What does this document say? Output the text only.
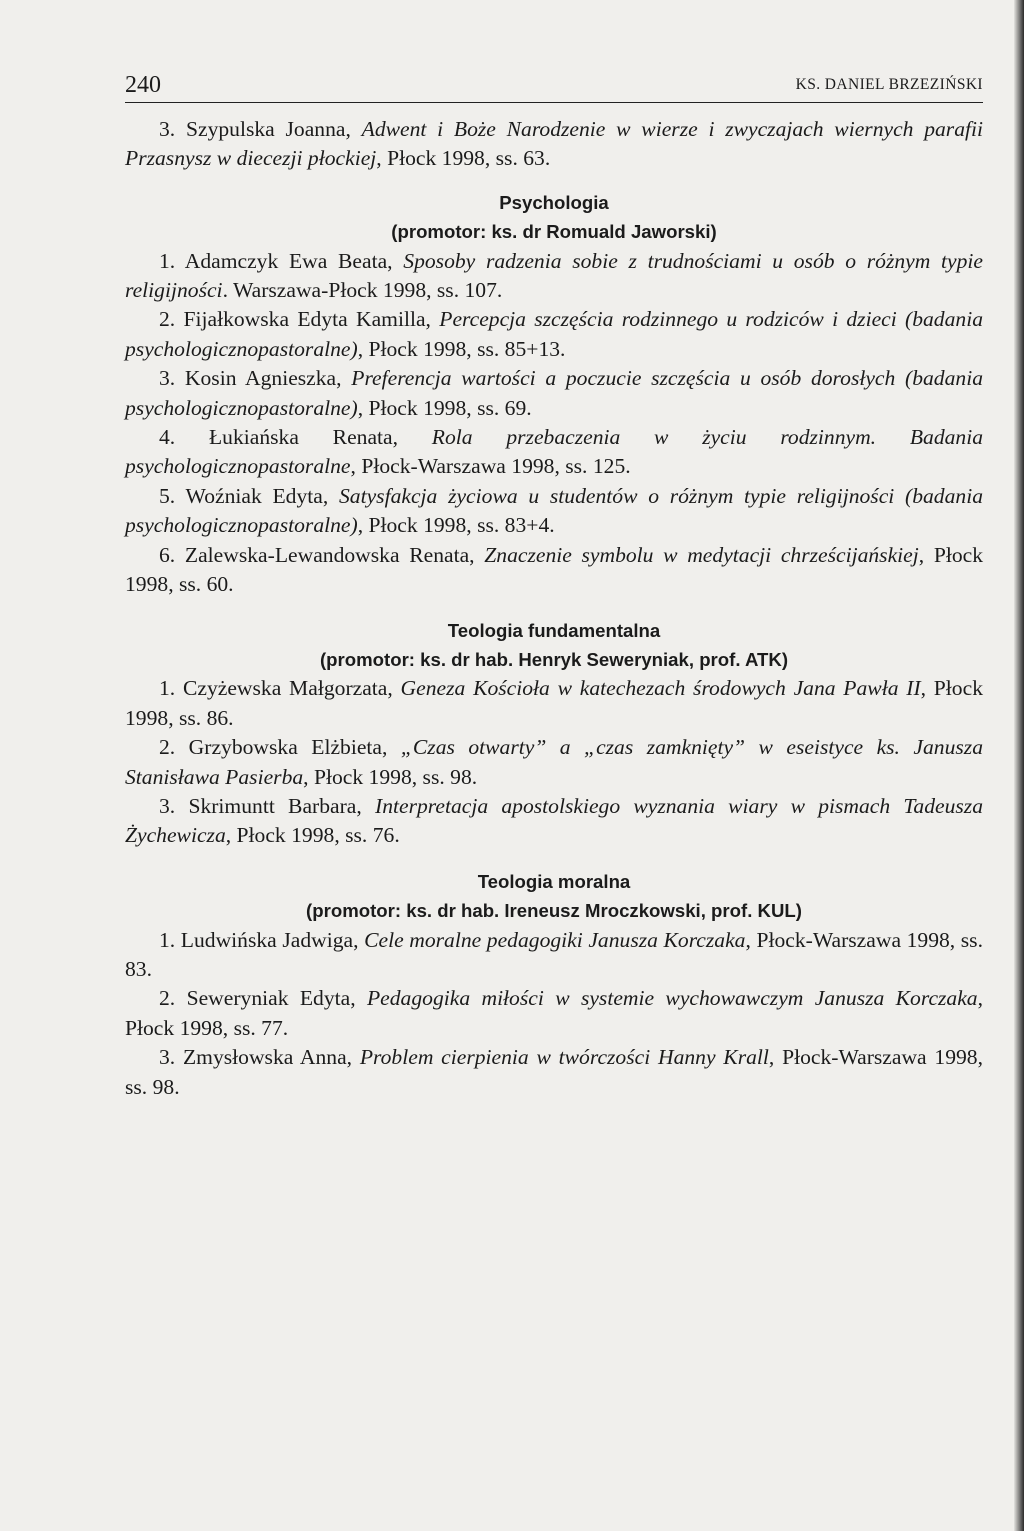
240	KS. DANIEL BRZEZIŃSKI

3. Szypulska Joanna, Adwent i Boże Narodzenie w wierze i zwyczajach wiernych parafii Przasnysz w diecezji płockiej, Płock 1998, ss. 63.

Psychologia

(promotor: ks. dr Romuald Jaworski)

1. Adamczyk Ewa Beata, Sposoby radzenia sobie z trudnościami u osób o różnym typie religijności. Warszawa-Płock 1998, ss. 107.

2. Fijałkowska Edyta Kamilla, Percepcja szczęścia rodzinnego u rodziców i dzieci (badania psychologicznopastoralne), Płock 1998, ss. 85+13.

3. Kosin Agnieszka, Preferencja wartości a poczucie szczęścia u osób dorosłych (badania psychologicznopastoralne), Płock 1998, ss. 69.

4. Łukiańska Renata, Rola przebaczenia w życiu rodzinnym. Badania psychologicznopastoralne, Płock-Warszawa 1998, ss. 125.

5. Woźniak Edyta, Satysfakcja życiowa u studentów o różnym typie religijności (badania psychologicznopastoralne), Płock 1998, ss. 83+4.

6. Zalewska-Lewandowska Renata, Znaczenie symbolu w medytacji chrześcijańskiej, Płock 1998, ss. 60.

Teologia fundamentalna

(promotor: ks. dr hab. Henryk Seweryniak, prof. ATK)

1. Czyżewska Małgorzata, Geneza Kościoła w katechezach środowych Jana Pawła II, Płock 1998, ss. 86.

2. Grzybowska Elżbieta, „Czas otwarty” a „czas zamknięty” w eseistyce ks. Janusza Stanisława Pasierba, Płock 1998, ss. 98.

3. Skrimuntt Barbara, Interpretacja apostolskiego wyznania wiary w pismach Tadeusza Żychewicza, Płock 1998, ss. 76.

Teologia moralna

(promotor: ks. dr hab. Ireneusz Mroczkowski, prof. KUL)

1. Ludwińska Jadwiga, Cele moralne pedagogiki Janusza Korczaka, Płock-Warszawa 1998, ss. 83.

2. Seweryniak Edyta, Pedagogika miłości w systemie wychowawczym Janusza Korczaka, Płock 1998, ss. 77.

3. Zmysłowska Anna, Problem cierpienia w twórczości Hanny Krall, Płock-Warszawa 1998, ss. 98.
